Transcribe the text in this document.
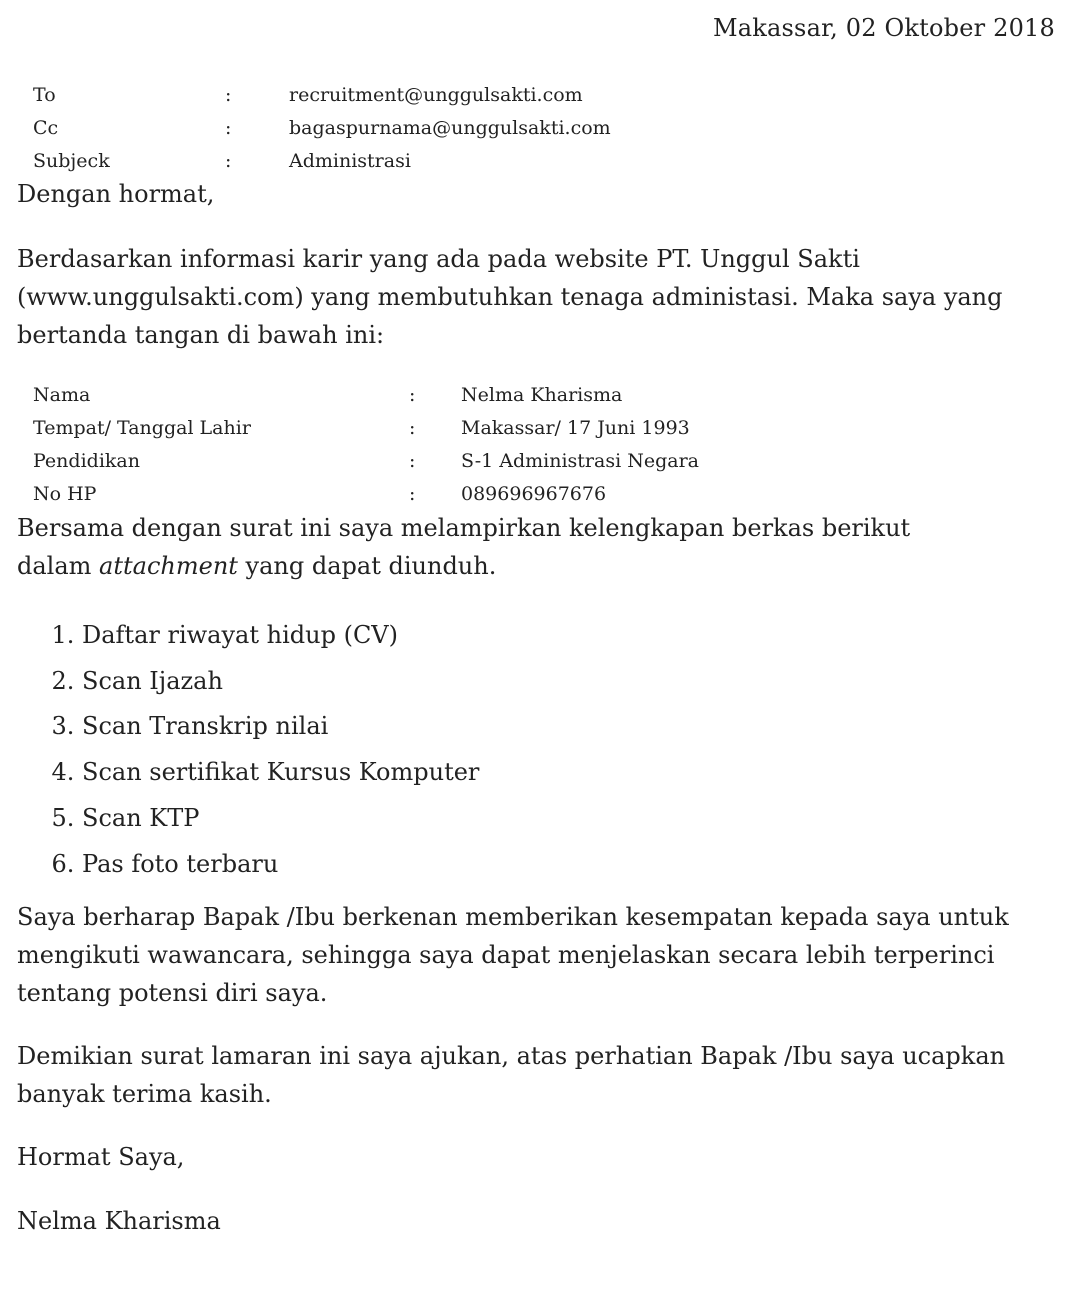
Makassar, 02 Oktober 2018
To	:	recruitment@unggulsakti.com
Cc	:	bagaspurnama@unggulsakti.com
Subjeck	:	Administrasi

Dengan hormat,

Berdasarkan informasi karir yang ada pada website PT. Unggul Sakti (www.unggulsakti.com) yang membutuhkan tenaga administasi. Maka saya yang bertanda tangan di bawah ini:

Nama	:	Nelma Kharisma
Tempat/ Tanggal Lahir	:	Makassar/ 17 Juni 1993
Pendidikan	:	S-1 Administrasi Negara
No HP	:	089696967676

Bersama dengan surat ini saya melampirkan kelengkapan berkas berikut
dalam attachment yang dapat diunduh.

1. Daftar riwayat hidup (CV)
2. Scan Ijazah
3. Scan Transkrip nilai
4. Scan sertifikat Kursus Komputer
5. Scan KTP
6. Pas foto terbaru

Saya berharap Bapak /Ibu berkenan memberikan kesempatan kepada saya untuk mengikuti wawancara, sehingga saya dapat menjelaskan secara lebih terperinci tentang potensi diri saya.

Demikian surat lamaran ini saya ajukan, atas perhatian Bapak /Ibu saya ucapkan banyak terima kasih.

Hormat Saya,

Nelma Kharisma
